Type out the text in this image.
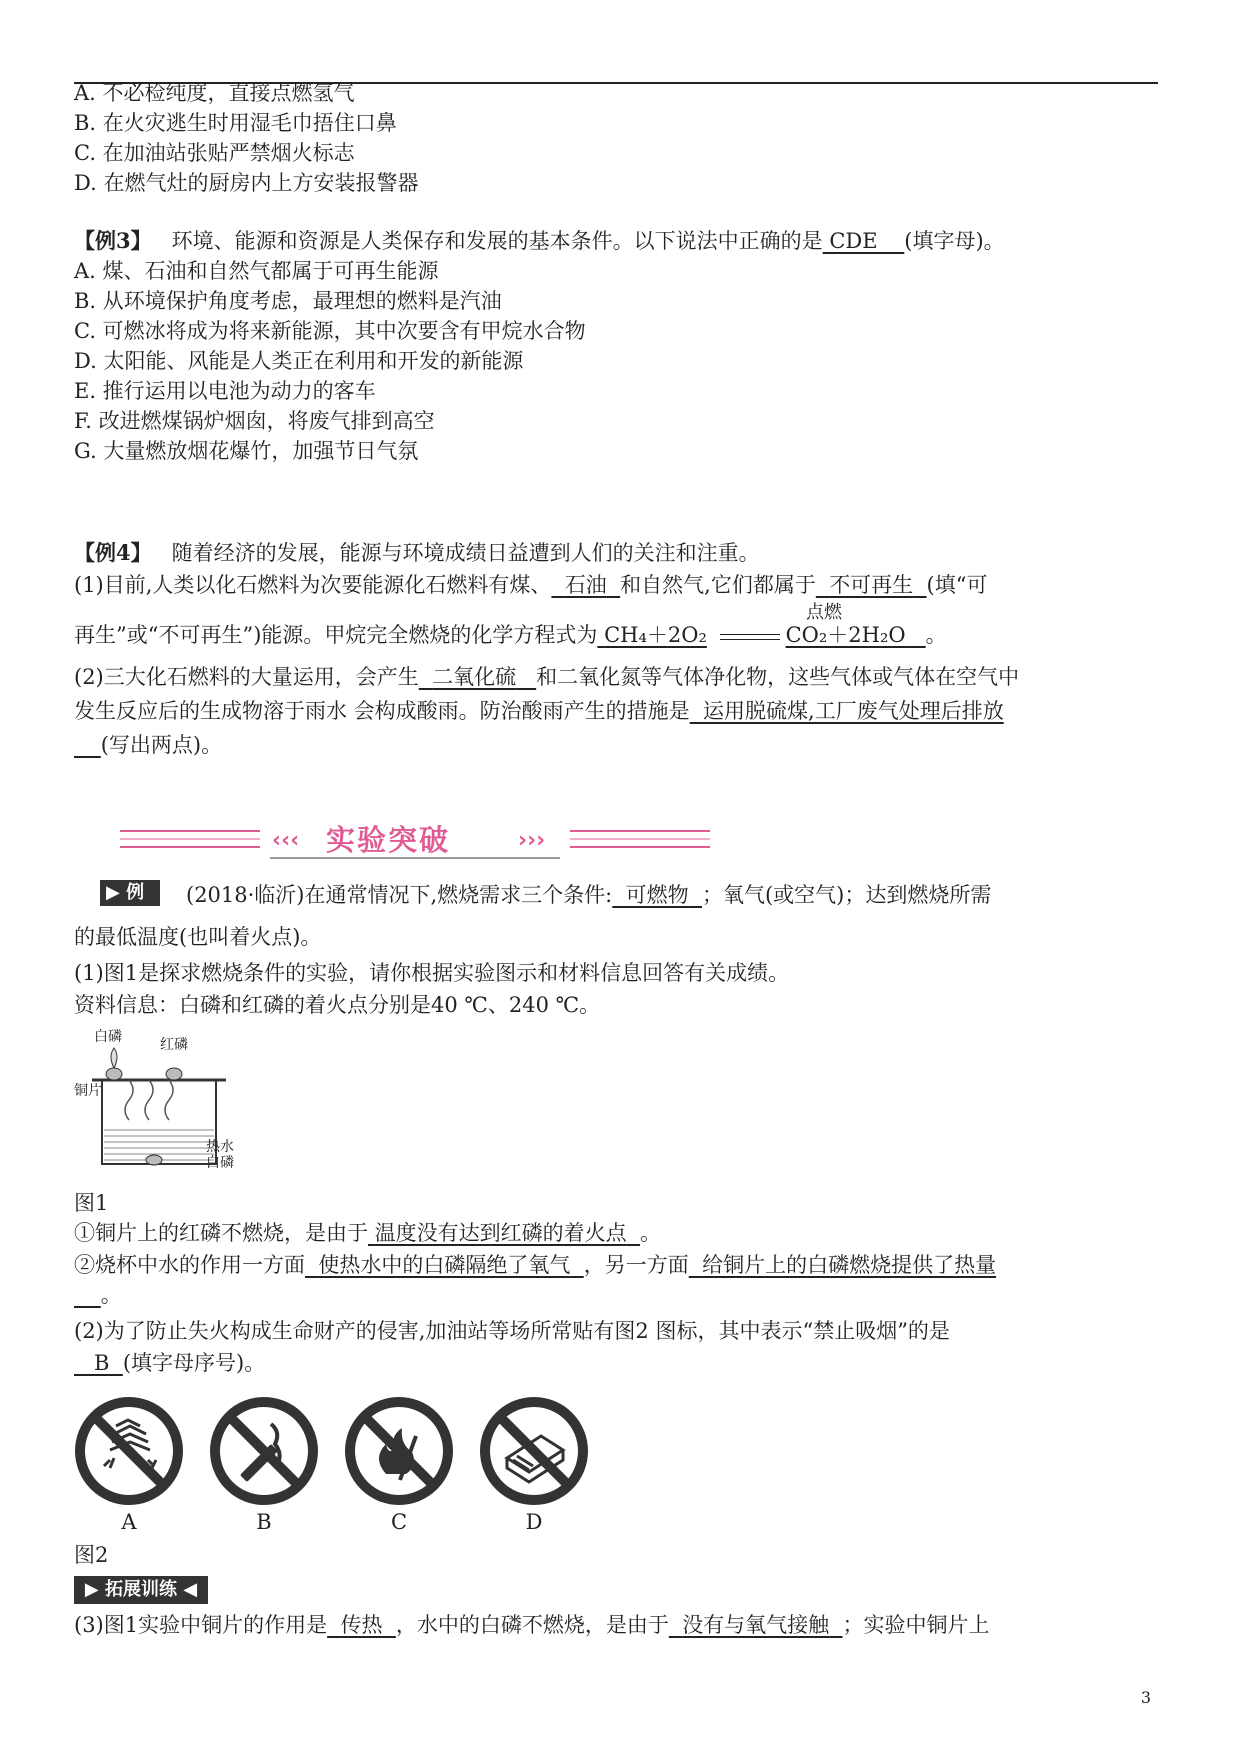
A. 不必检纯度，直接点燃氢气
B. 在火灾逃生时用湿毛巾捂住口鼻
C. 在加油站张贴严禁烟火标志
D. 在燃气灶的厨房内上方安装报警器
【例3】 环境、能源和资源是人类保存和发展的基本条件。以下说法中正确的是 CDE (填字母)。
A. 煤、石油和自然气都属于可再生能源
B. 从环境保护角度考虑，最理想的燃料是汽油
C. 可燃冰将成为将来新能源，其中次要含有甲烷水合物
D. 太阳能、风能是人类正在利用和开发的新能源
E. 推行运用以电池为动力的客车
F. 改进燃煤锅炉烟囱，将废气排到高空
G. 大量燃放烟花爆竹，加强节日气氛
【例4】 随着经济的发展，能源与环境成绩日益遭到人们的关注和注重。
(1)目前,人类以化石燃料为次要能源化石燃料有煤、 石油 和自然气,它们都属于 不可再生 (填“可
再生”或“不可再生”)能源。甲烷完全燃烧的化学方程式为 CH₄＋2O₂	CO₂＋2H₂O 。
点燃
(2)三大化石燃料的大量运用，会产生 二氧化硫 和二氧化氮等气体净化物，这些气体或气体在空气中
发生反应后的生成物溶于雨水 会构成酸雨。防治酸雨产生的措施是 运用脱硫煤,工厂废气处理后排放
(写出两点)。
‹‹‹	›››
实验突破
▶ 例	(2018·临沂)在通常情况下,燃烧需求三个条件: 可燃物 ；氧气(或空气)；达到燃烧所需
的最低温度(也叫着火点)。
(1)图1是探求燃烧条件的实验，请你根据实验图示和材料信息回答有关成绩。
资料信息：白磷和红磷的着火点分别是40 ℃、240 ℃。
白磷	红磷
铜片
热水
白磷
图1
①铜片上的红磷不燃烧，是由于 温度没有达到红磷的着火点 。
②烧杯中水的作用一方面 使热水中的白磷隔绝了氧气 ，另一方面 给铜片上的白磷燃烧提供了热量
。
(2)为了防止失火构成生命财产的侵害,加油站等场所常贴有图2 图标，其中表示“禁止吸烟”的是
B (填字母序号)。
A	B	C	D
图2
▶ 拓展训练 ◀
(3)图1实验中铜片的作用是 传热 ，水中的白磷不燃烧，是由于 没有与氧气接触 ；实验中铜片上
3
